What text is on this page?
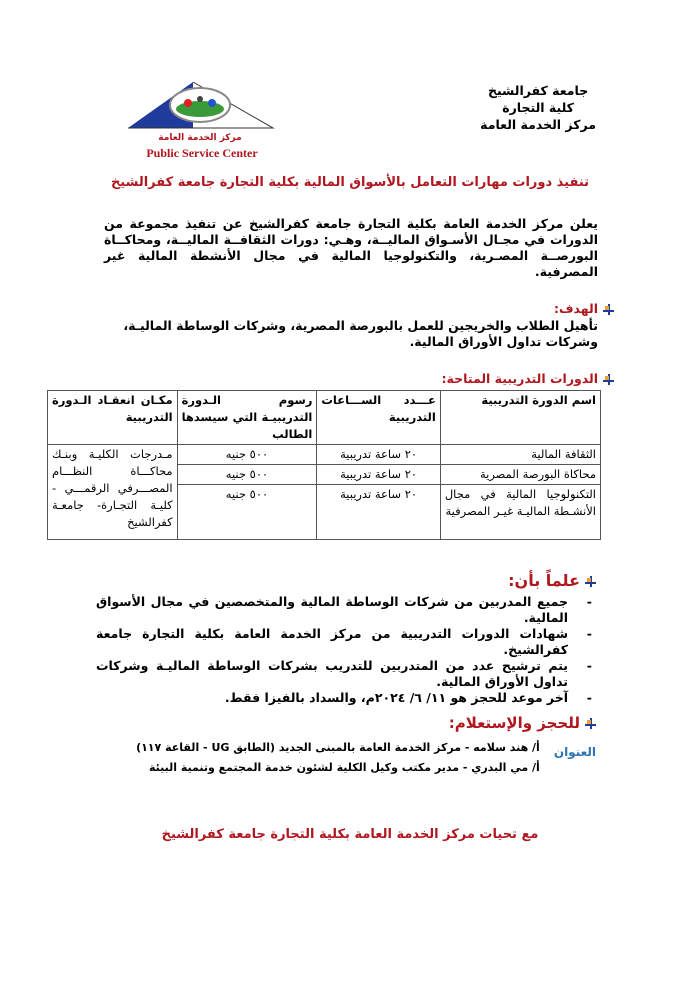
جامعة كفرالشيخ
كلية التجارة
مركز الخدمة العامة
مركز الخدمة العامة
Public Service Center
تنفيذ دورات مهارات التعامل بالأسواق المالية بكلية التجارة جامعة كفرالشيخ
يعلن مركز الخدمة العامة بكلية التجارة جامعة كفرالشيخ عن تنفيذ مجموعة من الدورات في مجـال الأسـواق الماليــة، وهـي: دورات الثقافــة الماليــة، ومحاكــاة البورصــة المصـرية، والتكنولوجيا المالية في مجال الأنشطة المالية غير المصرفية.
الهدف:
تأهيل الطلاب والخريجين للعمل بالبورصة المصرية، وشركات الوساطة الماليـة، وشركات تداول الأوراق المالية.
الدورات التدريبية المتاحة:
اسم الدورة التدريبية	عـــدد الســـاعات التدريبية	رسوم الـدورة التدريبيـة التي سيسدها الطالب	مكـان انعقـاد الـدورة التدريبية
الثقافة المالية	٢٠ ساعة تدريبية	٥٠٠ جنيه	مـدرجات الكليـة وبنـك محاكـــاة النظـــام المصـــرفي الرقمـــي - كليـة التجـارة- جامعـة كفرالشيخ
محاكاة البورصة المصرية	٢٠ ساعة تدريبية	٥٠٠ جنيه	
التكنولوجيا المالية في مجال الأنشـطة الماليـة غيـر المصرفية	٢٠ ساعة تدريبية	٥٠٠ جنيه	
علماً بأن:
- جميع المدربين من شركات الوساطة المالية والمتخصصين في مجال الأسواق المالية.
- شهادات الدورات التدريبية من مركز الخدمة العامة بكلية التجارة جامعة كفرالشيخ.
- يتم ترشيح عدد من المتدربين للتدريب بشركات الوساطة الماليـة وشركات تداول الأوراق المالية.
- آخر موعد للحجز هو ١١/ ٦/ ٢٠٢٤م، والسداد بالفيزا فقط.
للحجز والإستعلام:
العنوان
أ/ هند سلامه - مركز الخدمة العامة بالمبنى الجديد (الطابق UG - القاعة ١١٧)
أ/ مي البدري - مدير مكتب وكيل الكلية لشئون خدمة المجتمع وتنمية البيئة
مع تحيات مركز الخدمة العامة بكلية التجارة جامعة كفرالشيخ
